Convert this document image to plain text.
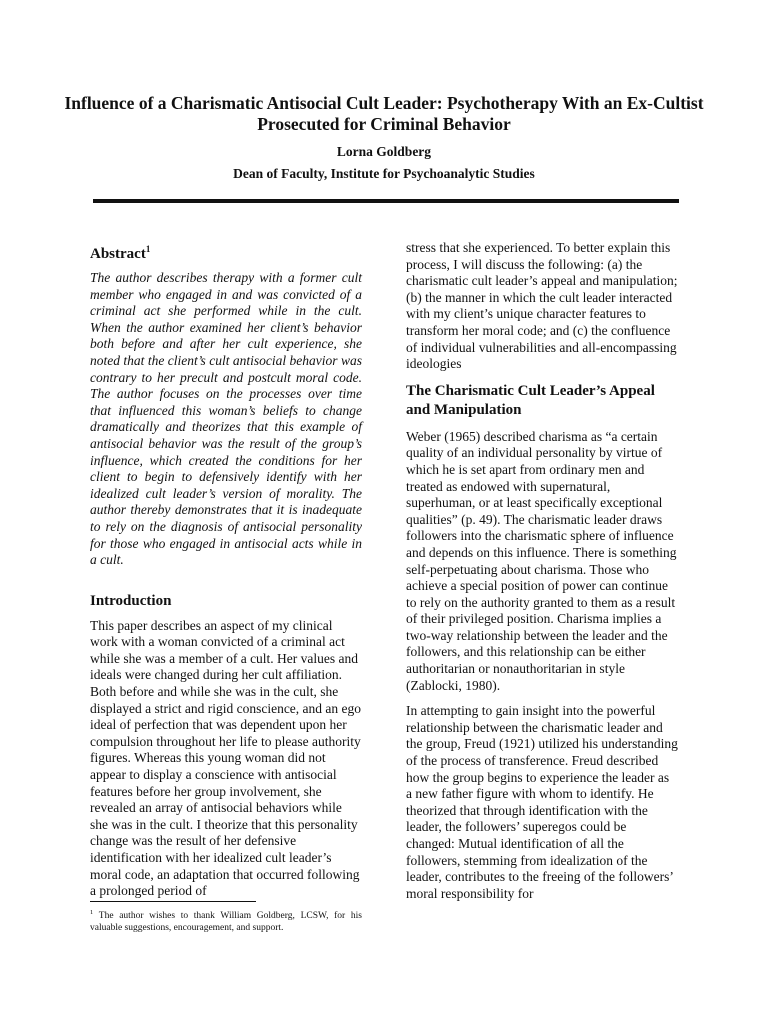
Influence of a Charismatic Antisocial Cult Leader: Psychotherapy With an Ex-Cultist Prosecuted for Criminal Behavior
Lorna Goldberg
Dean of Faculty, Institute for Psychoanalytic Studies
Abstract$^1$

The author describes therapy with a former cult member who engaged in and was convicted of a criminal act she performed while in the cult. When the author examined her client’s behavior both before and after her cult experience, she noted that the client’s cult antisocial behavior was contrary to her precult and postcult moral code. The author focuses on the processes over time that influenced this woman’s beliefs to change dramatically and theorizes that this example of antisocial behavior was the result of the group’s influence, which created the conditions for her client to begin to defensively identify with her idealized cult leader’s version of morality. The author thereby demonstrates that it is inadequate to rely on the diagnosis of antisocial personality for those who engaged in antisocial acts while in a cult.

Introduction

This paper describes an aspect of my clinical work with a woman convicted of a criminal act while she was a member of a cult. Her values and ideals were changed during her cult affiliation. Both before and while she was in the cult, she displayed a strict and rigid conscience, and an ego ideal of perfection that was dependent upon her compulsion throughout her life to please authority figures. Whereas this young woman did not appear to display a conscience with antisocial features before her group involvement, she revealed an array of antisocial behaviors while she was in the cult. I theorize that this personality change was the result of her defensive identification with her idealized cult leader’s moral code, an adaptation that occurred following a prolonged period of

stress that she experienced. To better explain this process, I will discuss the following: (a) the charismatic cult leader’s appeal and manipulation; (b) the manner in which the cult leader interacted with my client’s unique character features to transform her moral code; and (c) the confluence of individual vulnerabilities and all-encompassing ideologies

The Charismatic Cult Leader’s Appeal and Manipulation

Weber (1965) described charisma as “a certain quality of an individual personality by virtue of which he is set apart from ordinary men and treated as endowed with supernatural, superhuman, or at least specifically exceptional qualities” (p. 49). The charismatic leader draws followers into the charismatic sphere of influence and depends on this influence. There is something self-perpetuating about charisma. Those who achieve a special position of power can continue to rely on the authority granted to them as a result of their privileged position. Charisma implies a two-way relationship between the leader and the followers, and this relationship can be either authoritarian or nonauthoritarian in style (Zablocki, 1980).

In attempting to gain insight into the powerful relationship between the charismatic leader and the group, Freud (1921) utilized his understanding of the process of transference. Freud described how the group begins to experience the leader as a new father figure with whom to identify. He theorized that through identification with the leader, the followers’ superegos could be changed: Mutual identification of all the followers, stemming from idealization of the leader, contributes to the freeing of the followers’ moral responsibility for

$^1$ The author wishes to thank William Goldberg, LCSW, for his valuable suggestions, encouragement, and support.
